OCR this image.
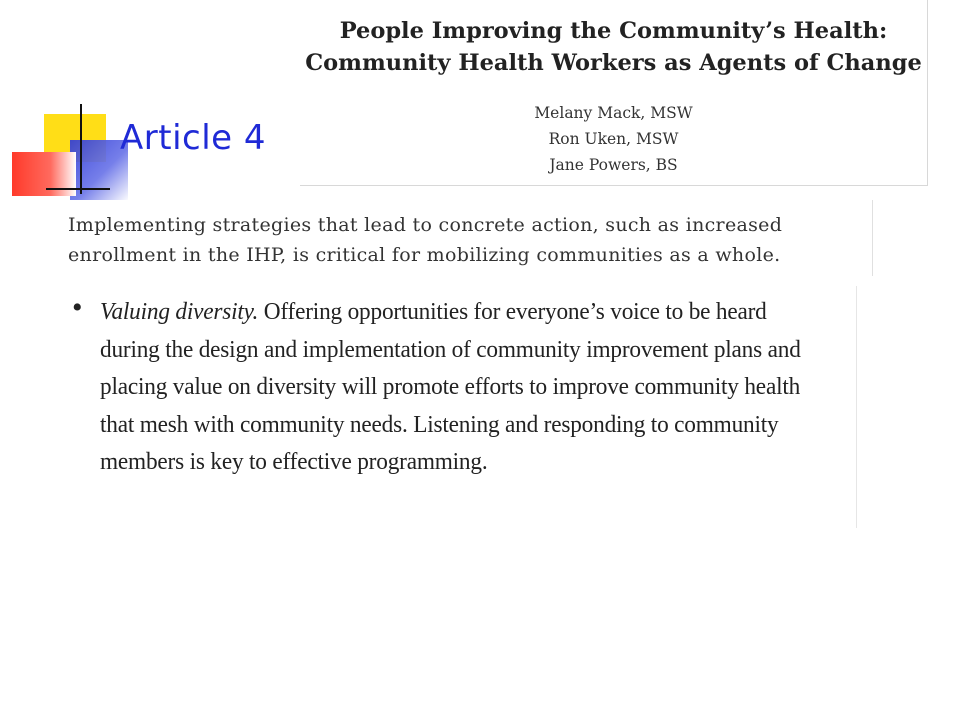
Article 4
People Improving the Community’s Health:
Community Health Workers as Agents of Change
Melany Mack, MSW
Ron Uken, MSW
Jane Powers, BS

Implementing strategies that lead to concrete action, such as increased enrollment in the IHP, is critical for mobilizing communities as a whole.

• Valuing diversity. Offering opportunities for everyone’s voice to be heard during the design and implementation of community improvement plans and placing value on diversity will promote efforts to improve community health that mesh with community needs. Listening and responding to community members is key to effective programming.
